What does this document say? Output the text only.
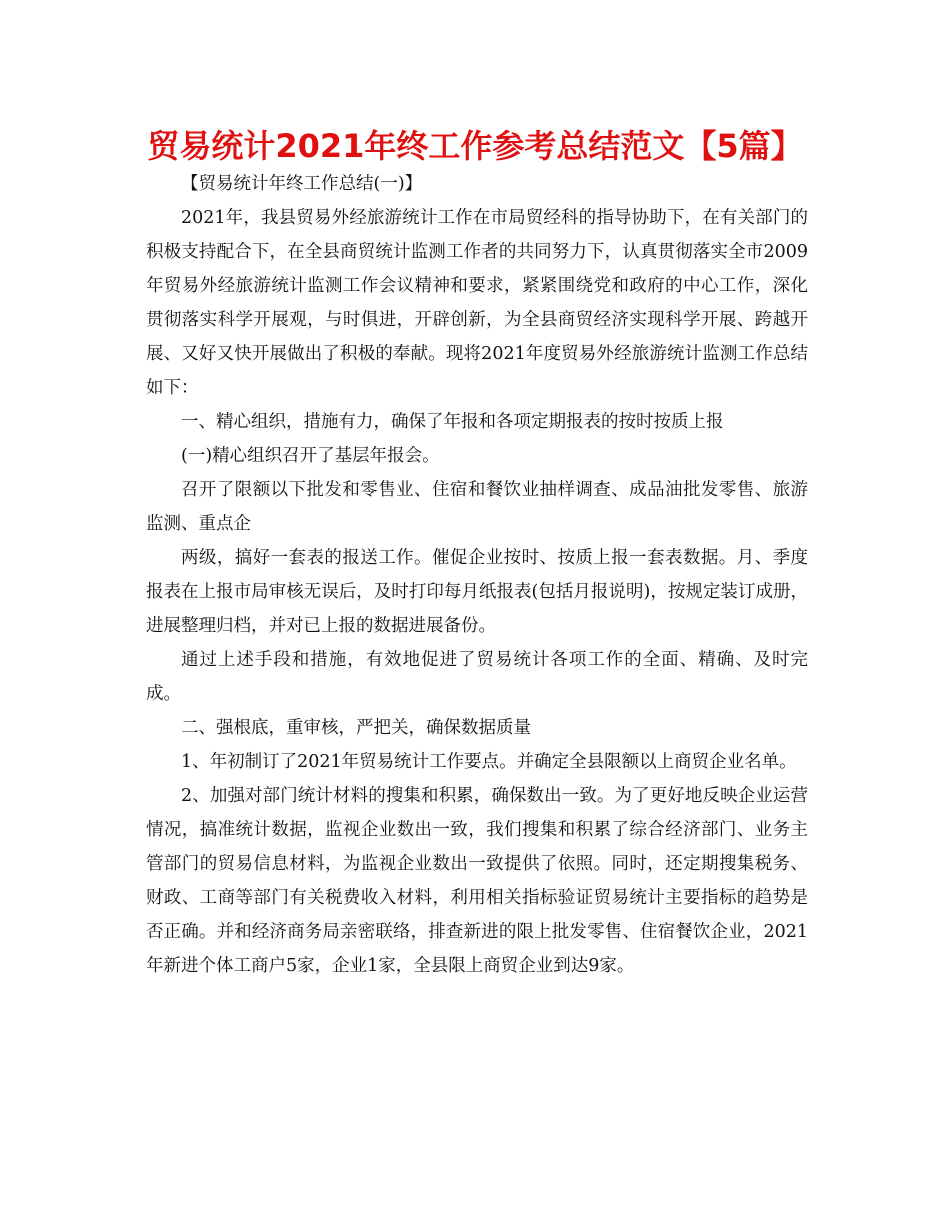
贸易统计2021年终工作参考总结范文【5篇】

【贸易统计年终工作总结(一)】

2021年，我县贸易外经旅游统计工作在市局贸经科的指导协助下，在有关部门的积极支持配合下，在全县商贸统计监测工作者的共同努力下，认真贯彻落实全市2009年贸易外经旅游统计监测工作会议精神和要求，紧紧围绕党和政府的中心工作，深化贯彻落实科学开展观，与时俱进，开辟创新，为全县商贸经济实现科学开展、跨越开展、又好又快开展做出了积极的奉献。现将2021年度贸易外经旅游统计监测工作总结如下：

一、精心组织，措施有力，确保了年报和各项定期报表的按时按质上报

(一)精心组织召开了基层年报会。

召开了限额以下批发和零售业、住宿和餐饮业抽样调查、成品油批发零售、旅游监测、重点企

两级，搞好一套表的报送工作。催促企业按时、按质上报一套表数据。月、季度报表在上报市局审核无误后，及时打印每月纸报表(包括月报说明)，按规定装订成册，进展整理归档，并对已上报的数据进展备份。

通过上述手段和措施，有效地促进了贸易统计各项工作的全面、精确、及时完成。

二、强根底，重审核，严把关，确保数据质量

1、年初制订了2021年贸易统计工作要点。并确定全县限额以上商贸企业名单。

2、加强对部门统计材料的搜集和积累，确保数出一致。为了更好地反映企业运营情况，搞准统计数据，监视企业数出一致，我们搜集和积累了综合经济部门、业务主管部门的贸易信息材料，为监视企业数出一致提供了依照。同时，还定期搜集税务、财政、工商等部门有关税费收入材料，利用相关指标验证贸易统计主要指标的趋势是否正确。并和经济商务局亲密联络，排查新进的限上批发零售、住宿餐饮企业，2021年新进个体工商户5家，企业1家，全县限上商贸企业到达9家。
